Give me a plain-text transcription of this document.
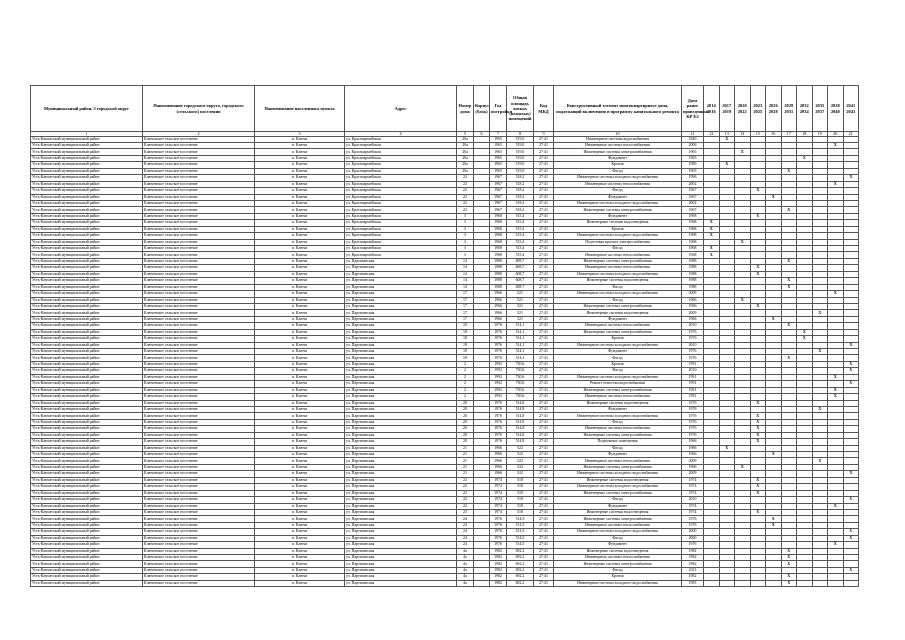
Муниципальный район, 3 городской округ	Наименование городского округа, городского (сельского) поселения	Наименование населенного пункта	Адрес	Номер дома	Корпус (блок)	Год постройки	Общая площадь жилых (нежилых) помещений	Код МКД	Конструктивный элемент многоквартирного дома, подлежащий включению в программу капитального ремонта	Дата ранее проведенных КР ЕЗ	2014 2016	2017 2019	2020 2022	2023 2025	2026 2028	2029 2031	2032 2034	2035 2037	2038 2040	2041 2043
1	2	3	4	5	6	7	8	9	10	11	12	13	14	15	16	17	18	19	20	21
Усть-Камчатский муниципальный район	Ключевское сельское поселение	п. Ключи	ул. Красноармейская	20а		1965	519,0	27:41	Инженерные системы водоснабжения	1949		X								
Усть-Камчатский муниципальный район	Ключевское сельское поселение	п. Ключи	ул. Красноармейская	20а		1965	519,0	27:41	Инженерные системы теплоснабжения	2006									X	
Усть-Камчатский муниципальный район	Ключевское сельское поселение	п. Ключи	ул. Красноармейская	20а		1965	519,0	27:41	Инженерные системы электроснабжения	1965			X							
Усть-Камчатский муниципальный район	Ключевское сельское поселение	п. Ключи	ул. Красноармейская	20а		1965	519,0	27:41	Фундамент	1965							X			
Усть-Камчатский муниципальный район	Ключевское сельское поселение	п. Ключи	ул. Красноармейская	20а		1965	519,0	27:41	Кровля	1989		X								
Усть-Камчатский муниципальный район	Ключевское сельское поселение	п. Ключи	ул. Красноармейская	20а		1965	519,0	27:41	Фасад	1965						X				
Усть-Камчатский муниципальный район	Ключевское сельское поселение	п. Ключи	ул. Красноармейская	22		1967	518,2	27:41	Инженерные системы холодного водоснабжения	1996										X
Усть-Камчатский муниципальный район	Ключевское сельское поселение	п. Ключи	ул. Красноармейская	22		1967	518,2	27:41	Инженерные системы теплоснабжения	2002									X	
Усть-Камчатский муниципальный район	Ключевское сельское поселение	п. Ключи	ул. Красноармейская	22		1967	518,2	27:41	Фасад	1967				X						
Усть-Камчатский муниципальный район	Ключевское сельское поселение	п. Ключи	ул. Красноармейская	22		1967	518,2	27:41	Фундамент	1967					X					
Усть-Камчатский муниципальный район	Ключевское сельское поселение	п. Ключи	ул. Красноармейская	22		1967	518,2	27:41	Инженерные системы холодного водоснабжения	2002										
Усть-Камчатский муниципальный район	Ключевское сельское поселение	п. Ключи	ул. Красноармейская	22		1967	518,2	27:41	Инженерные системы электроснабжения	1967						X				
Усть-Камчатский муниципальный район	Ключевское сельское поселение	п. Ключи	ул. Красноармейская	3		1968	515,4	27:41	Фундамент	1968				X						
Усть-Камчатский муниципальный район	Ключевское сельское поселение	п. Ключи	ул. Красноармейская	3		1968	515,4	27:41	Инженерные системы водоотведения	1968	X									
Усть-Камчатский муниципальный район	Ключевское сельское поселение	п. Ключи	ул. Красноармейская	3		1968	515,4	27:41	Кровля	1968	X									
Усть-Камчатский муниципальный район	Ключевское сельское поселение	п. Ключи	ул. Красноармейская	3		1968	515,4	27:41	Инженерные системы холодного водоснабжения	1968	X									
Усть-Камчатский муниципальный район	Ключевское сельское поселение	п. Ключи	ул. Красноармейская	3		1968	515,4	27:41	Подготовка проекта электроснабжения	1968			X							
Усть-Камчатский муниципальный район	Ключевское сельское поселение	п. Ключи	ул. Красноармейская	3		1968	515,4	27:41	Фасад	1968	X									
Усть-Камчатский муниципальный район	Ключевское сельское поселение	п. Ключи	ул. Красноармейская	3		1968	515,4	27:41	Инженерные системы теплоснабжения	1968	X									
Усть-Камчатский муниципальный район	Ключевское сельское поселение	п. Ключи	ул. Партизанская	14		1988	608,7	27:41	Инженерные системы электроснабжения	1988						X				
Усть-Камчатский муниципальный район	Ключевское сельское поселение	п. Ключи	ул. Партизанская	14		1988	608,7	27:41	Инженерные системы теплоснабжения	1988				X						
Усть-Камчатский муниципальный район	Ключевское сельское поселение	п. Ключи	ул. Партизанская	14		1988	608,7	27:41	Инженерные системы холодного водоснабжения	1988				X						
Усть-Камчатский муниципальный район	Ключевское сельское поселение	п. Ключи	ул. Партизанская	14		1988	608,7	27:41	Инженерные системы водоотведения	1988						X				
Усть-Камчатский муниципальный район	Ключевское сельское поселение	п. Ключи	ул. Партизанская	14		1988	608,7	27:41	Фасад	1988						X				
Усть-Камчатский муниципальный район	Ключевское сельское поселение	п. Ключи	ул. Партизанская	17		1966	521	27:41	Инженерные системы холодного водоснабжения	2009									X	
Усть-Камчатский муниципальный район	Ключевское сельское поселение	п. Ключи	ул. Партизанская	17		1966	521	27:41	Фасад	1966			X							
Усть-Камчатский муниципальный район	Ключевское сельское поселение	п. Ключи	ул. Партизанская	17		1966	521	27:41	Инженерные системы электроснабжения	1966				X						
Усть-Камчатский муниципальный район	Ключевское сельское поселение	п. Ключи	ул. Партизанская	17		1966	521	27:41	Инженерные системы водоотведения	2009								X		
Усть-Камчатский муниципальный район	Ключевское сельское поселение	п. Ключи	ул. Партизанская	17		1966	521	27:41	Фундамент	1966					X					
Усть-Камчатский муниципальный район	Ключевское сельское поселение	п. Ключи	ул. Партизанская	18		1976	514,1	27:41	Инженерные системы теплоснабжения	2010						X				
Усть-Камчатский муниципальный район	Ключевское сельское поселение	п. Ключи	ул. Партизанская	18		1976	514,1	27:41	Инженерные системы электроснабжения	1976							X			
Усть-Камчатский муниципальный район	Ключевское сельское поселение	п. Ключи	ул. Партизанская	18		1976	514,1	27:41	Кровля	1976							X			
Усть-Камчатский муниципальный район	Ключевское сельское поселение	п. Ключи	ул. Партизанская	18		1976	514,1	27:41	Инженерные системы холодного водоснабжения	2010										X
Усть-Камчатский муниципальный район	Ключевское сельское поселение	п. Ключи	ул. Партизанская	18		1976	514,1	27:41	Фундамент	1976								X		
Усть-Камчатский муниципальный район	Ключевское сельское поселение	п. Ключи	ул. Партизанская	18		1976	514,1	27:41	Фасад	1976						X				
Усть-Камчатский муниципальный район	Ключевское сельское поселение	п. Ключи	ул. Партизанская	2		1992	730,6	27:41	Кровля	1991										X
Усть-Камчатский муниципальный район	Ключевское сельское поселение	п. Ключи	ул. Партизанская	2		1992	730,6	27:41	Фасад	2010										X
Усть-Камчатский муниципальный район	Ключевское сельское поселение	п. Ключи	ул. Партизанская	2		1992	730,6	27:41	Инженерные системы холодного водоснабжения	1991									X	
Усть-Камчатский муниципальный район	Ключевское сельское поселение	п. Ключи	ул. Партизанская	2		1992	730,6	27:41	Ремонт отмостки водоснабжения	1991										X
Усть-Камчатский муниципальный район	Ключевское сельское поселение	п. Ключи	ул. Партизанская	2		1992	730,6	27:41	Инженерные системы электроснабжения	1991									X	
Усть-Камчатский муниципальный район	Ключевское сельское поселение	п. Ключи	ул. Партизанская	2		1992	730,6	27:41	Инженерные системы теплоснабжения	1991									X	
Усть-Камчатский муниципальный район	Ключевское сельское поселение	п. Ключи	ул. Партизанская	20		1976	514,8	27:41	Инженерные системы водоотведения	1976				X						
Усть-Камчатский муниципальный район	Ключевское сельское поселение	п. Ключи	ул. Партизанская	20		1976	514,8	27:41	Фундамент	1976								X		
Усть-Камчатский муниципальный район	Ключевское сельское поселение	п. Ключи	ул. Партизанская	20		1976	514,8	27:41	Инженерные системы холодного водоснабжения	1976				X						
Усть-Камчатский муниципальный район	Ключевское сельское поселение	п. Ключи	ул. Партизанская	20		1976	514,8	27:41	Фасад	1976				X						
Усть-Камчатский муниципальный район	Ключевское сельское поселение	п. Ключи	ул. Партизанская	20		1976	514,8	27:41	Инженерные системы теплоснабжения	1976				X						
Усть-Камчатский муниципальный район	Ключевское сельское поселение	п. Ключи	ул. Партизанская	20		1976	514,8	27:41	Инженерные системы электроснабжения	1976				X						
Усть-Камчатский муниципальный район	Ключевское сельское поселение	п. Ключи	ул. Партизанская	20		1976	514,8	27:41	Подвальные помещения	1966				X						
Усть-Камчатский муниципальный район	Ключевское сельское поселение	п. Ключи	ул. Партизанская	21		1966	522	27:41	Фасад	1966		X								
Усть-Камчатский муниципальный район	Ключевское сельское поселение	п. Ключи	ул. Партизанская	21		1966	522	27:41	Фундамент	1966					X					
Усть-Камчатский муниципальный район	Ключевское сельское поселение	п. Ключи	ул. Партизанская	21		1966	522	27:41	Инженерные системы теплоснабжения	2009								X		
Усть-Камчатский муниципальный район	Ключевское сельское поселение	п. Ключи	ул. Партизанская	21		1966	522	27:41	Инженерные системы электроснабжения	1966			X							
Усть-Камчатский муниципальный район	Ключевское сельское поселение	п. Ключи	ул. Партизанская	21		1966	522	27:41	Инженерные системы холодного водоснабжения	2009										X
Усть-Камчатский муниципальный район	Ключевское сельское поселение	п. Ключи	ул. Партизанская	22		1974	518	27:41	Инженерные системы водоотведения	1974				X						
Усть-Камчатский муниципальный район	Ключевское сельское поселение	п. Ключи	ул. Партизанская	22		1974	518	27:41	Инженерные системы холодного водоснабжения	1974				X						
Усть-Камчатский муниципальный район	Ключевское сельское поселение	п. Ключи	ул. Партизанская	22		1974	518	27:41	Инженерные системы электроснабжения	1974				X						
Усть-Камчатский муниципальный район	Ключевское сельское поселение	п. Ключи	ул. Партизанская	22		1974	518	27:41	Фасад	2010										X
Усть-Камчатский муниципальный район	Ключевское сельское поселение	п. Ключи	ул. Партизанская	22		1974	518	27:41	Фундамент	1974									X	
Усть-Камчатский муниципальный район	Ключевское сельское поселение	п. Ключи	ул. Партизанская	23		1974	518	27:41	Инженерные системы водоотведения	1974				X						
Усть-Камчатский муниципальный район	Ключевское сельское поселение	п. Ключи	ул. Партизанская	24		1976	514,5	27:41	Инженерные системы электроснабжения	1976					X					
Усть-Камчатский муниципальный район	Ключевское сельское поселение	п. Ключи	ул. Партизанская	24		1976	514,5	27:41	Инженерные системы теплоснабжения	1976					X					
Усть-Камчатский муниципальный район	Ключевское сельское поселение	п. Ключи	ул. Партизанская	24		1976	514,5	27:41	Инженерные системы холодного водоснабжения	2000										X
Усть-Камчатский муниципальный район	Ключевское сельское поселение	п. Ключи	ул. Партизанская	24		1976	514,5	27:41	Фасад	2000										X
Усть-Камчатский муниципальный район	Ключевское сельское поселение	п. Ключи	ул. Партизанская	24		1976	514,5	27:41	Фундамент	1976									X	
Усть-Камчатский муниципальный район	Ключевское сельское поселение	п. Ключи	ул. Партизанская	4а		1982	692,2	27:41	Инженерные системы водоотведения	1982						X				
Усть-Камчатский муниципальный район	Ключевское сельское поселение	п. Ключи	ул. Партизанская	4а		1982	692,2	27:41	Инженерные системы теплоснабжения	1982						X				
Усть-Камчатский муниципальный район	Ключевское сельское поселение	п. Ключи	ул. Партизанская	4а		1982	692,2	27:41	Инженерные системы электроснабжения	1982						X				
Усть-Камчатский муниципальный район	Ключевское сельское поселение	п. Ключи	ул. Партизанская	4а		1982	692,2	27:41	Фасад	2011										X
Усть-Камчатский муниципальный район	Ключевское сельское поселение	п. Ключи	ул. Партизанская	4а		1982	692,2	27:41	Кровля	1982						X				
Усть-Камчатский муниципальный район	Ключевское сельское поселение	п. Ключи	ул. Партизанская	4а		1982	692,2	27:41	Инженерные системы холодного водоснабжения	1983						X				
